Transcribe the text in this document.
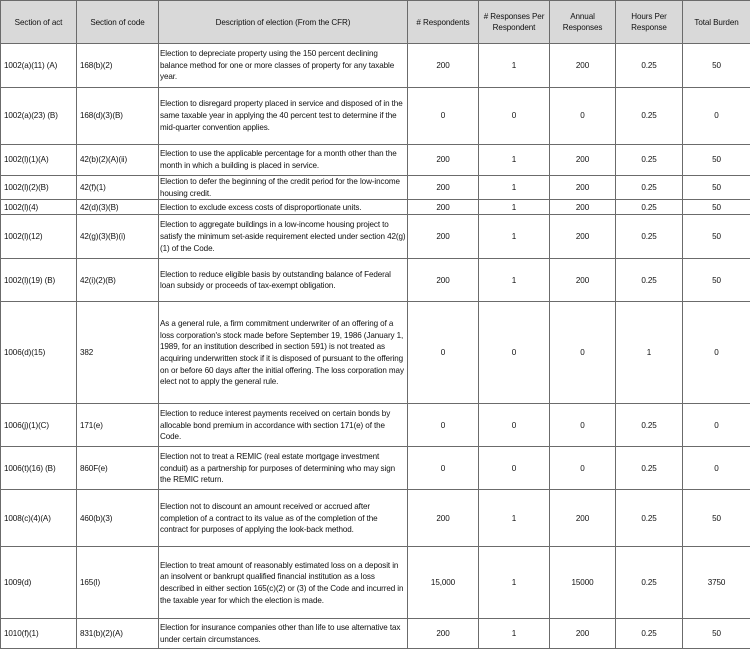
Section of act	Section of code	Description of election (From the CFR)	# Respondents	# Responses Per Respondent	Annual Responses	Hours Per Response	Total Burden
1002(a)(11) (A)	168(b)(2)	Election to depreciate property using the 150 percent declining balance method for one or more classes of property for any taxable year.	200	1	200	0.25	50
1002(a)(23) (B)	168(d)(3)(B)	Election to disregard property placed in service and disposed of in the same taxable year in applying the 40 percent test to determine if the mid-quarter convention applies.	0	0	0	0.25	0
1002(l)(1)(A)	42(b)(2)(A)(ii)	Election to use the applicable percentage for a month other than the month in which a building is placed in service.	200	1	200	0.25	50
1002(l)(2)(B)	42(f)(1)	Election to defer the beginning of the credit period for the low-income housing credit.	200	1	200	0.25	50
1002(l)(4)	42(d)(3)(B)	Election to exclude excess costs of disproportionate units.	200	1	200	0.25	50
1002(l)(12)	42(g)(3)(B)(i)	Election to aggregate buildings in a low-income housing project to satisfy the minimum set-aside requirement elected under section 42(g)(1) of the Code.	200	1	200	0.25	50
1002(l)(19) (B)	42(i)(2)(B)	Election to reduce eligible basis by outstanding balance of Federal loan subsidy or proceeds of tax-exempt obligation.	200	1	200	0.25	50
1006(d)(15)	382	As a general rule, a firm commitment underwriter of an offering of a loss corporation's stock made before September 19, 1986 (January 1, 1989, for an institution described in section 591) is not treated as acquiring underwritten stock if it is disposed of pursuant to the offering on or before 60 days after the initial offering. The loss corporation may elect not to apply the general rule.	0	0	0	1	0
1006(j)(1)(C)	171(e)	Election to reduce interest payments received on certain bonds by allocable bond premium in accordance with section 171(e) of the Code.	0	0	0	0.25	0
1006(t)(16) (B)	860F(e)	Election not to treat a REMIC (real estate mortgage investment conduit) as a partnership for purposes of determining who may sign the REMIC return.	0	0	0	0.25	0
1008(c)(4)(A)	460(b)(3)	Election not to discount an amount received or accrued after completion of a contract to its value as of the completion of the contract for purposes of applying the look-back method.	200	1	200	0.25	50
1009(d)	165(l)	Election to treat amount of reasonably estimated loss on a deposit in an insolvent or bankrupt qualified financial institution as a loss described in either section 165(c)(2) or (3) of the Code and incurred in the taxable year for which the election is made.	15,000	1	15000	0.25	3750
1010(f)(1)	831(b)(2)(A)	Election for insurance companies other than life to use alternative tax under certain circumstances.	200	1	200	0.25	50
